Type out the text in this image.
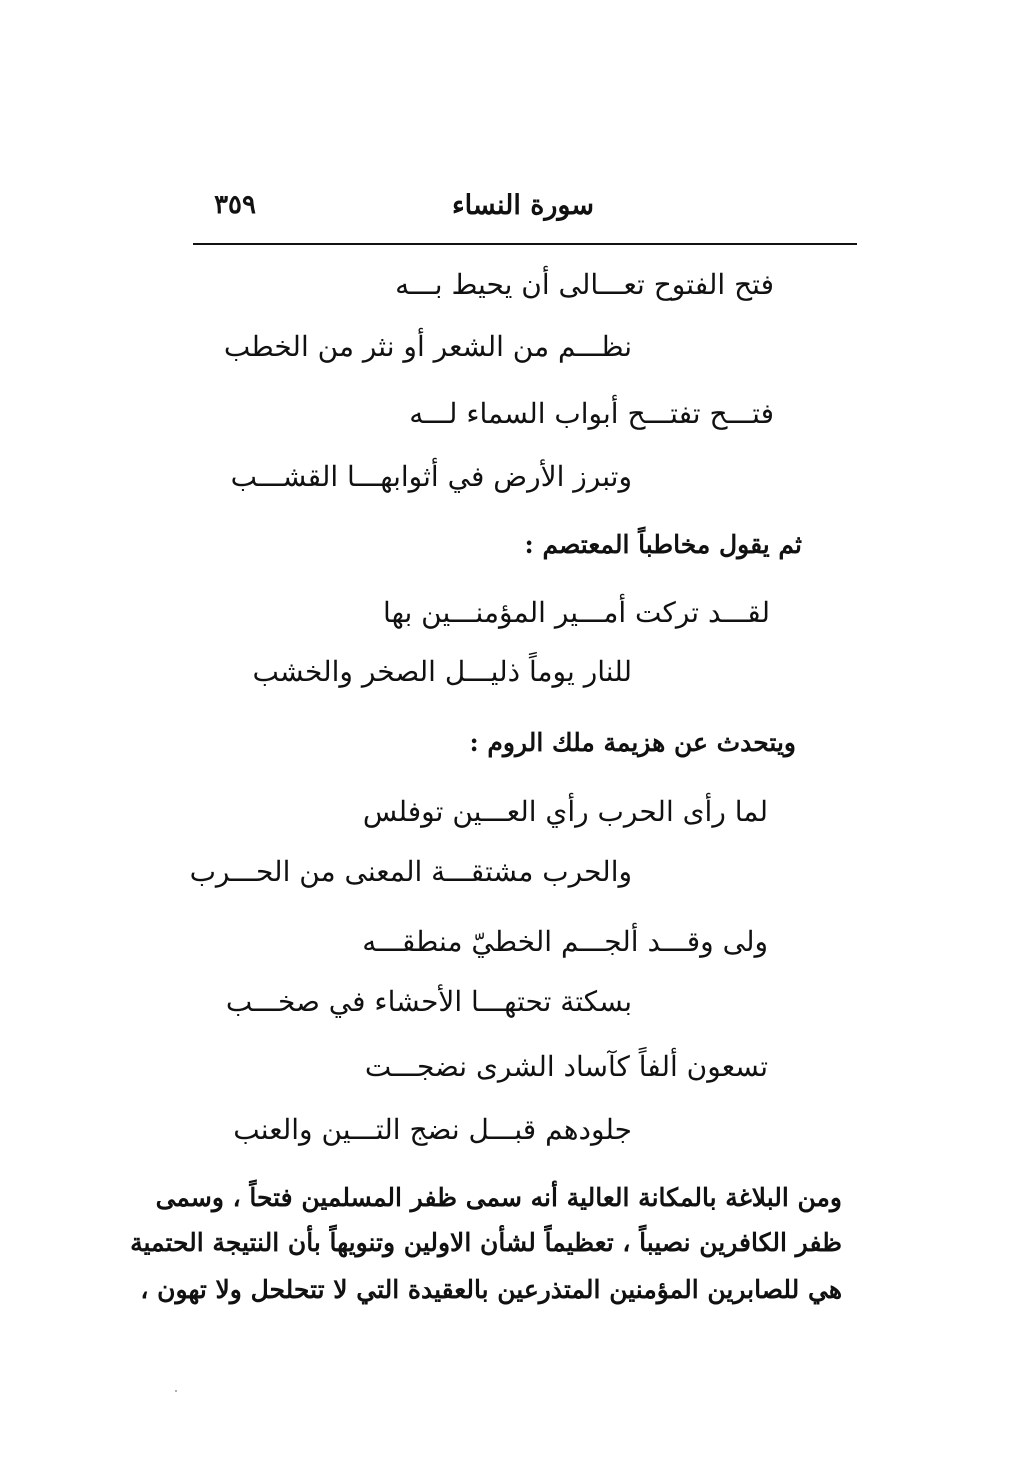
سورة النساء
٣٥٩
فتح الفتوح تعـــالى أن يحيط بـــه
نظـــم من الشعر أو نثر من الخطب
فتـــح تفتـــح أبواب السماء لـــه
وتبرز الأرض في أثوابهـــا القشـــب
ثم يقول مخاطباً المعتصم :
لقـــد تركت أمـــير المؤمنـــين بها
للنار يوماً ذليـــل الصخر والخشب
ويتحدث عن هزيمة ملك الروم :
لما رأى الحرب رأي العـــين توفلس
والحرب مشتقـــة المعنى من الحـــرب
ولى وقـــد ألجـــم الخطيّ منطقـــه
بسكتة تحتهـــا الأحشاء في صخـــب
تسعون ألفاً كآساد الشرى نضجـــت
جلودهم قبـــل نضج التـــين والعنب
ومن البلاغة بالمكانة العالية أنه سمى ظفر المسلمين فتحاً ، وسمى
ظفر الكافرين نصيباً ، تعظيماً لشأن الاولين وتنويهاً بأن النتيجة الحتمية
هي للصابرين المؤمنين المتذرعين بالعقيدة التي لا تتحلحل ولا تهون ،
